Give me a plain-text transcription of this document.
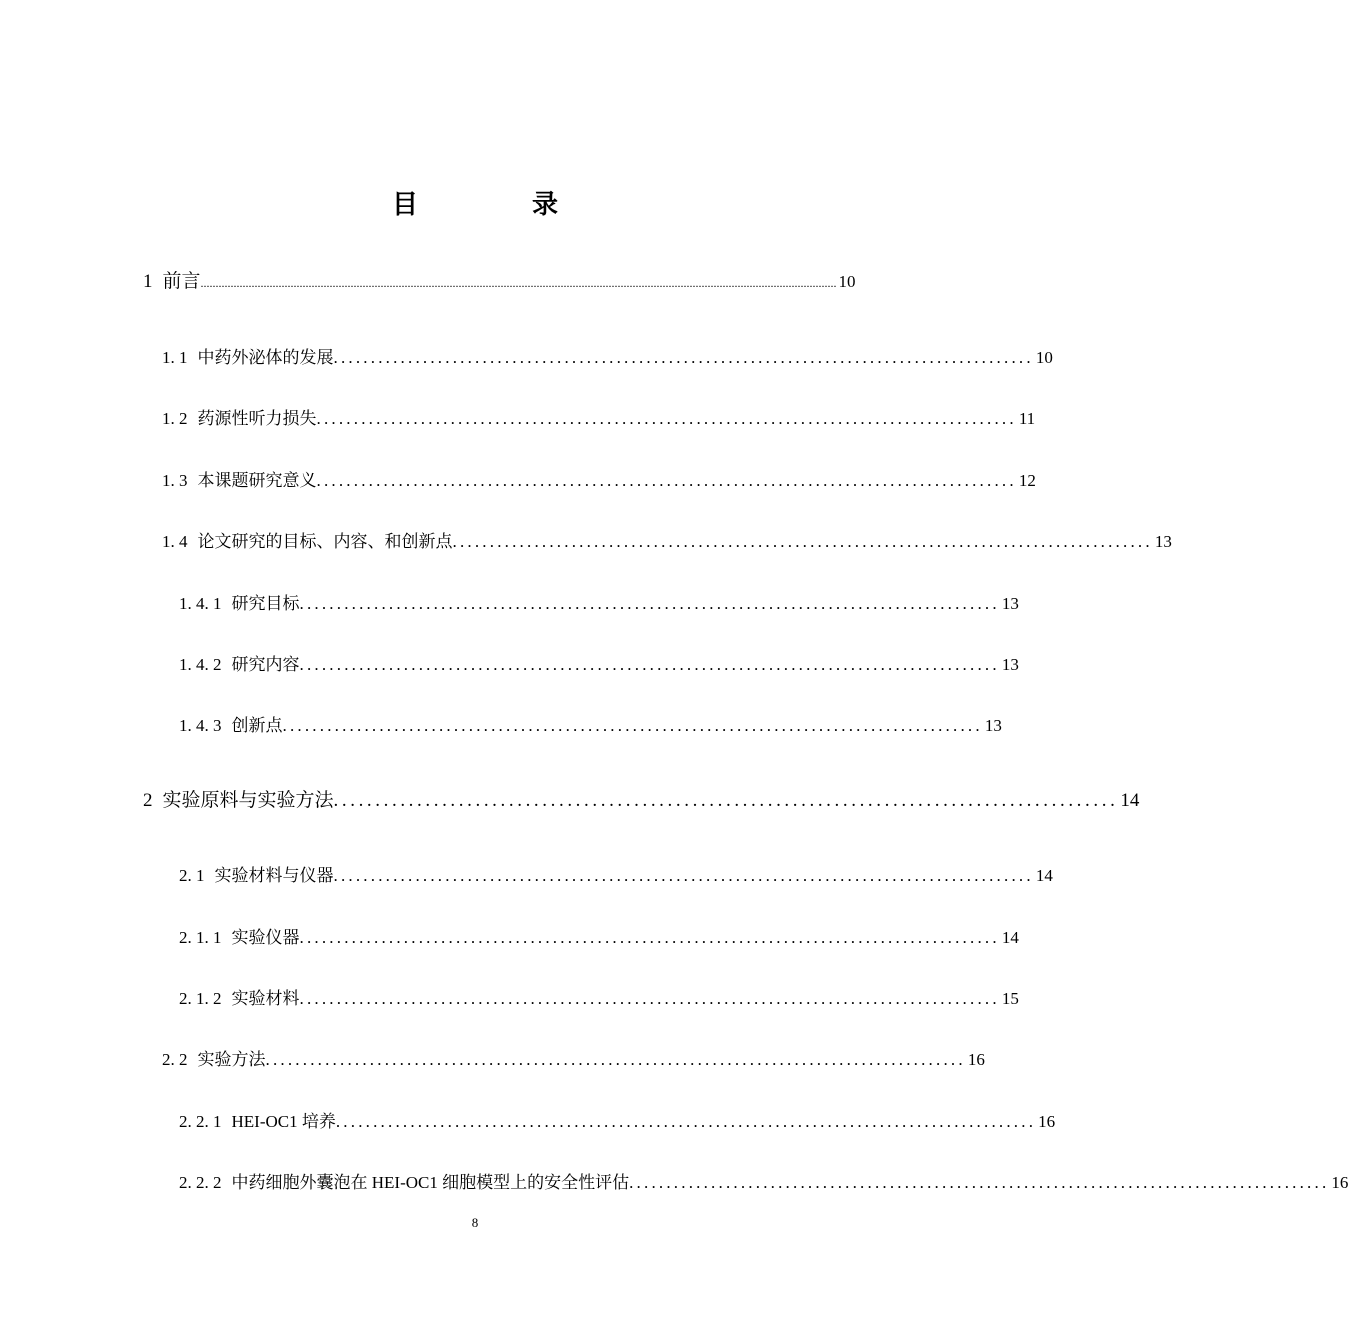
目　录
1 前言 .................................................................................................................................................................................................................... 10
1. 1 中药外泌体的发展 .............................................................................................. 10
1. 2 药源性听力损失 .............................................................................................. 11
1. 3 本课题研究意义 .............................................................................................. 12
1. 4 论文研究的目标、内容、和创新点 .............................................................................................. 13
1. 4. 1 研究目标 .............................................................................................. 13
1. 4. 2 研究内容 .............................................................................................. 13
1. 4. 3 创新点 .............................................................................................. 13
2 实验原料与实验方法 .............................................................................................. 14
2. 1 实验材料与仪器 .............................................................................................. 14
2. 1. 1 实验仪器 .............................................................................................. 14
2. 1. 2 实验材料 .............................................................................................. 15
2. 2 实验方法 .............................................................................................. 16
2. 2. 1 HEI-OC1 培养 .............................................................................................. 16
2. 2. 2 中药细胞外囊泡在 HEI-OC1 细胞模型上的安全性评估 .............................................................................................. 16
8
